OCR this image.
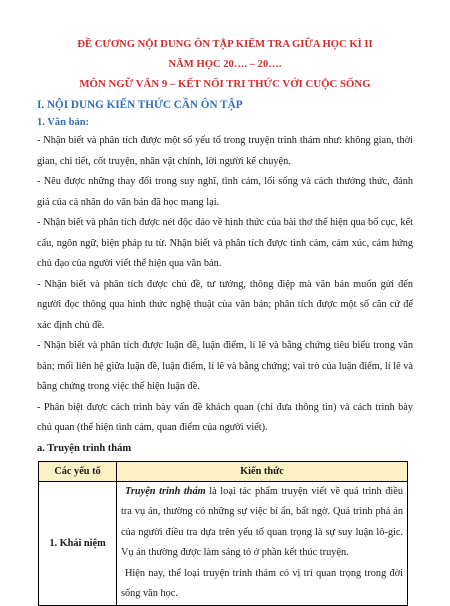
ĐỀ CƯƠNG NỘI DUNG ÔN TẬP KIỂM TRA GIỮA HỌC KÌ II

NĂM HỌC 20…. – 20….

MÔN NGỮ VĂN 9 – KẾT NỐI TRI THỨC VỚI CUỘC SỐNG

I. NỘI DUNG KIẾN THỨC CẦN ÔN TẬP
1. Văn bản:

- Nhận biết và phân tích được một số yếu tố trong truyện trinh thám như: không gian, thời gian, chi tiết, cốt truyện, nhân vật chính, lời người kể chuyện.

- Nêu được những thay đổi trong suy nghĩ, tình cảm, lối sống và cách thưởng thức, đánh giá của cá nhân do văn bản đã học mang lại.

- Nhận biết và phân tích được nét độc đáo về hình thức của bài thơ thể hiện qua bố cục, kết cấu, ngôn ngữ, biện pháp tu từ. Nhận biết và phân tích được tình cảm, cảm xúc, cảm hứng chủ đạo của người viết thể hiện qua văn bản.

- Nhận biết và phân tích được chủ đề, tư tưởng, thông điệp mà văn bản muốn gửi đến người đọc thông qua hình thức nghệ thuật của văn bản; phân tích được một số căn cứ để xác định chủ đề.

- Nhận biết và phân tích được luận đề, luận điểm, lí lẽ và bằng chứng tiêu biểu trong văn bản; mối liên hệ giữa luận đề, luận điểm, lí lẽ và bằng chứng; vai trò của luận điểm, lí lẽ và bằng chứng trong việc thể hiện luận đề.

- Phân biệt được cách trình bày vấn đề khách quan (chỉ đưa thông tin) và cách trình bày chủ quan (thể hiện tình cảm, quan điểm của người viết).

a. Truyện trinh thám
Các yếu tố	Kiến thức
1. Khái niệm	Truyện trinh thám là loại tác phẩm truyện viết về quá trình điều tra vụ án, thường có những sự việc bí ẩn, bất ngờ. Quá trình phá án của người điều tra dựa trên yếu tố quan trọng là sự suy luận lô-gic. Vụ án thường được làm sáng tỏ ở phần kết thúc truyện.
Hiện nay, thể loại truyện trinh thám có vị trí quan trọng trong đời sống văn học.
